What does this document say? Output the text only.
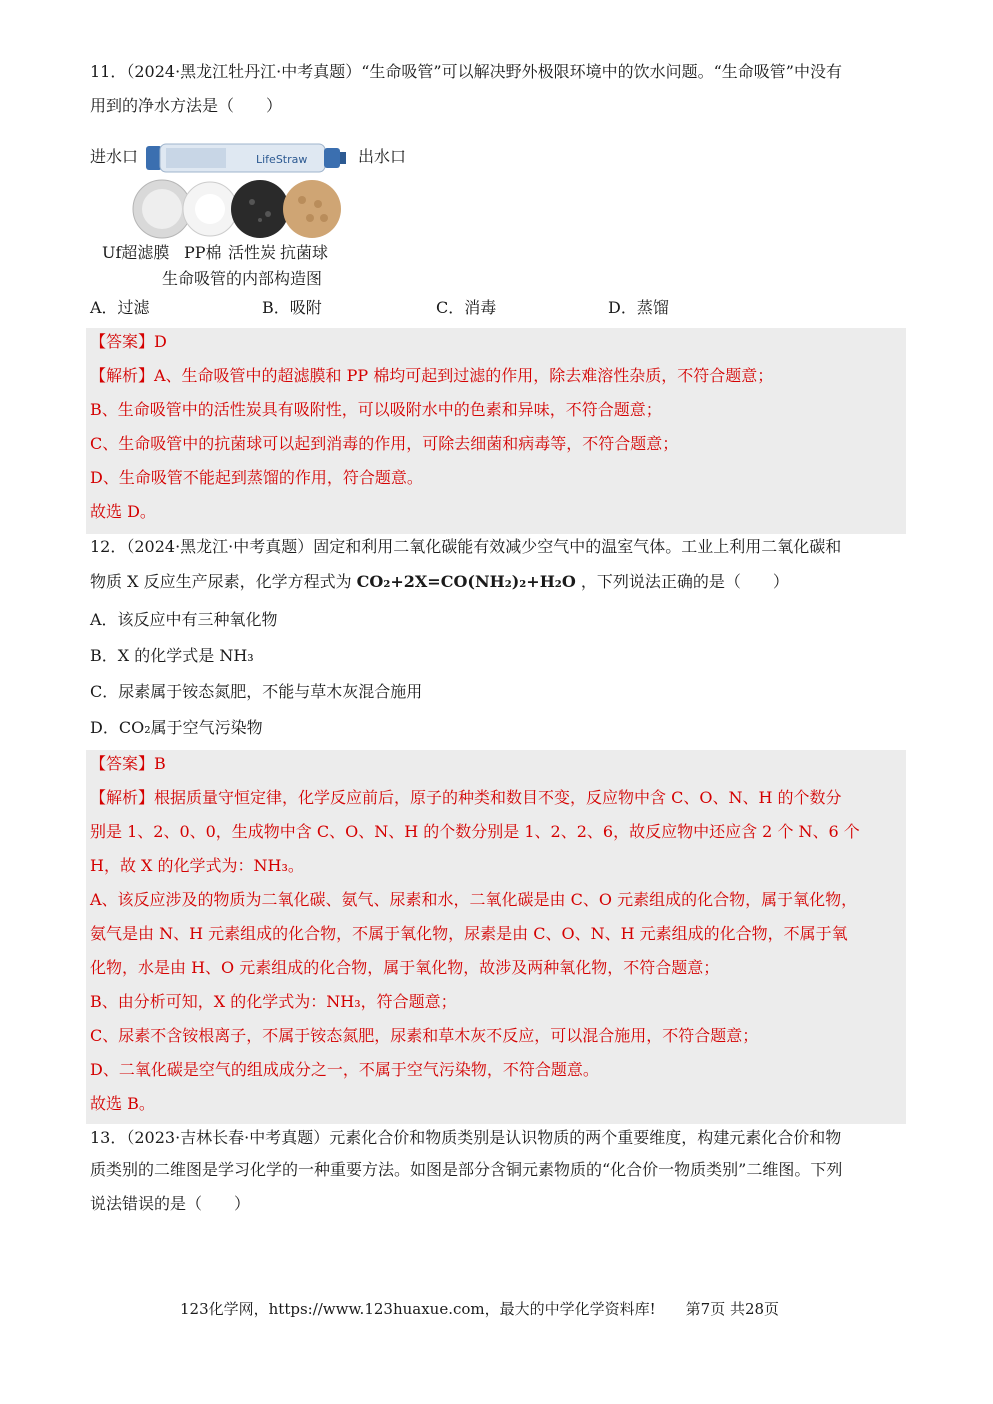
11．（2024·黑龙江牡丹江·中考真题）“生命吸管”可以解决野外极限环境中的饮水问题。“生命吸管”中没有
用到的净水方法是（　　）
进水口	LifeStraw	出水口
Uf超滤膜 PP棉 活性炭 抗菌球
生命吸管的内部构造图
A．过滤	B．吸附	C．消毒	D．蒸馏
【答案】D
【解析】A、生命吸管中的超滤膜和 PP 棉均可起到过滤的作用，除去难溶性杂质，不符合题意；
B、生命吸管中的活性炭具有吸附性，可以吸附水中的色素和异味，不符合题意；
C、生命吸管中的抗菌球可以起到消毒的作用，可除去细菌和病毒等，不符合题意；
D、生命吸管不能起到蒸馏的作用，符合题意。
故选 D。
12．（2024·黑龙江·中考真题）固定和利用二氧化碳能有效减少空气中的温室气体。工业上利用二氧化碳和
物质 X 反应生产尿素，化学方程式为 CO₂+2X=CO(NH₂)₂+H₂O ，下列说法正确的是（　　）
A．该反应中有三种氧化物
B．X 的化学式是 NH₃
C．尿素属于铵态氮肥，不能与草木灰混合施用
D．CO₂属于空气污染物
【答案】B
【解析】根据质量守恒定律，化学反应前后，原子的种类和数目不变，反应物中含 C、O、N、H 的个数分
别是 1、2、0、0，生成物中含 C、O、N、H 的个数分别是 1、2、2、6，故反应物中还应含 2 个 N、6 个
H，故 X 的化学式为：NH₃。
A、该反应涉及的物质为二氧化碳、氨气、尿素和水，二氧化碳是由 C、O 元素组成的化合物，属于氧化物，
氨气是由 N、H 元素组成的化合物，不属于氧化物，尿素是由 C、O、N、H 元素组成的化合物，不属于氧
化物，水是由 H、O 元素组成的化合物，属于氧化物，故涉及两种氧化物，不符合题意；
B、由分析可知，X 的化学式为：NH₃，符合题意；
C、尿素不含铵根离子，不属于铵态氮肥，尿素和草木灰不反应，可以混合施用，不符合题意；
D、二氧化碳是空气的组成成分之一，不属于空气污染物，不符合题意。
故选 B。
13．（2023·吉林长春·中考真题）元素化合价和物质类别是认识物质的两个重要维度，构建元素化合价和物
质类别的二维图是学习化学的一种重要方法。如图是部分含铜元素物质的“化合价一物质类别”二维图。下列
说法错误的是（　　）
123化学网，https://www.123huaxue.com，最大的中学化学资料库!　　第7页 共28页
